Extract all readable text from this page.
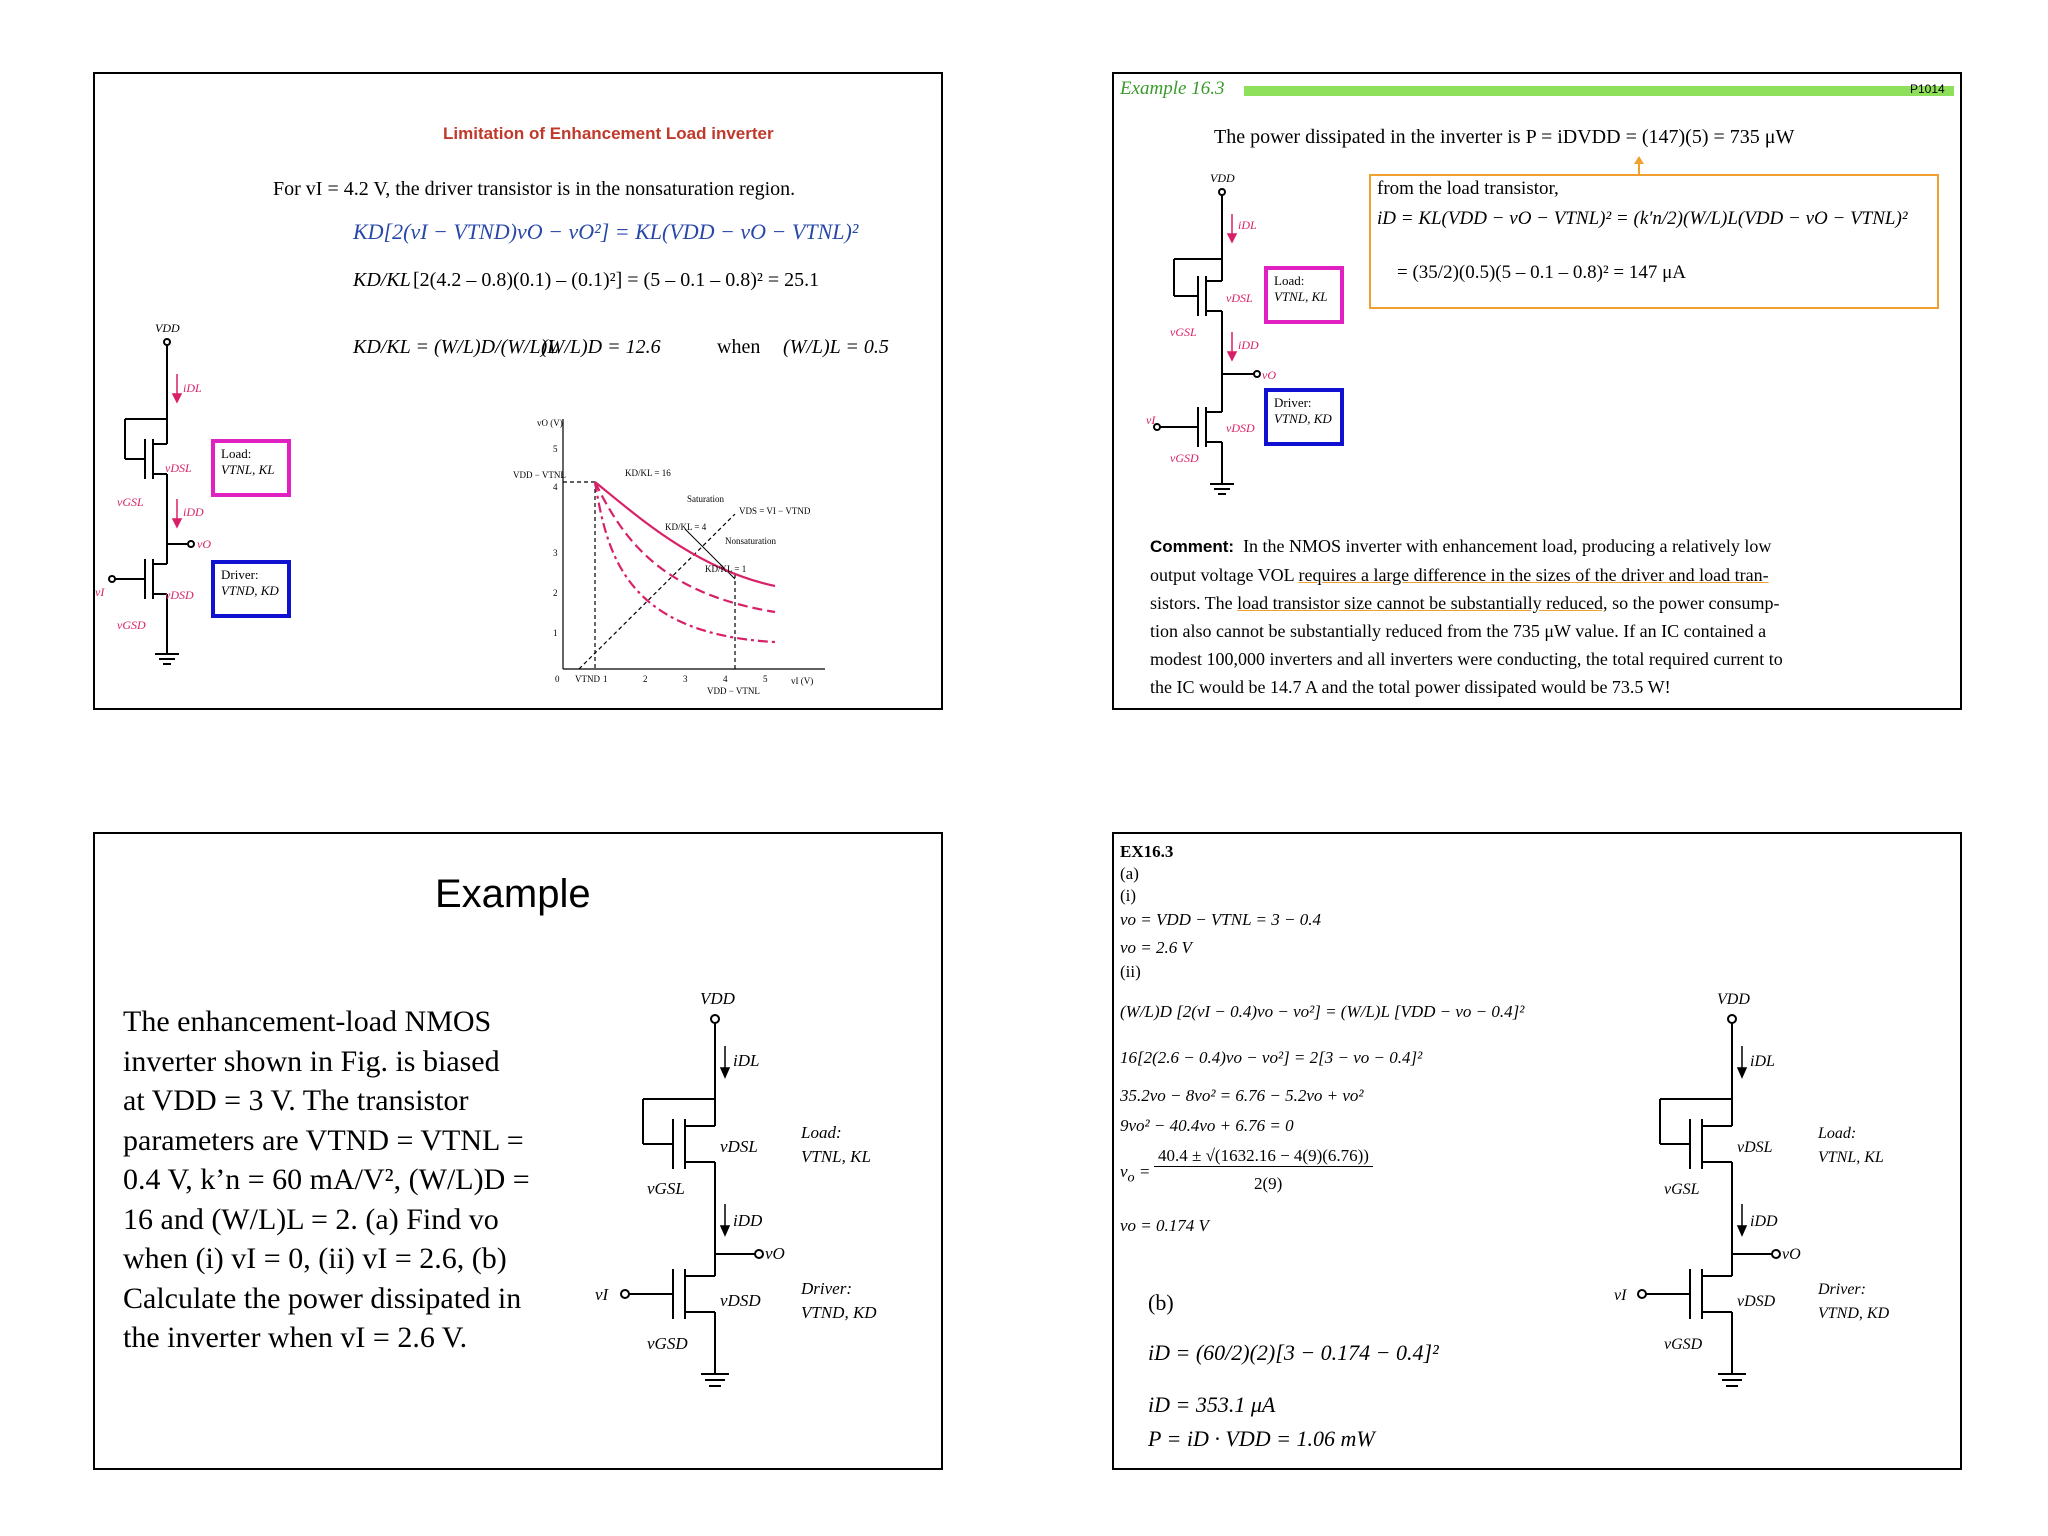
Limitation of Enhancement Load inverter
For vI = 4.2 V, the driver transistor is in the nonsaturation region.
KD[2(vI − VTND)vO − vO²] = KL(VDD − vO − VTNL)²
KD/KL [2(4.2 – 0.8)(0.1) – (0.1)²] = (5 – 0.1 – 0.8)² = 25.1
KD/KL = (W/L)D/(W/L)L
(W/L)D = 12.6	when (W/L)L = 0.5
VDD
iDL
vDSL
vGSL
iDD
vO
vI	vDSD
vGSD
Load:
VTNL, KL
Driver:
VTND, KD
vO (V)
1
2
3
4
5
VDD − VTNL
0 VTND 1	2	3	4	5	vI (V)
VDD − VTNL
KD/KL = 16
KD/KL = 4
KD/KL = 1
Saturation
Nonsaturation
VDS = VI − VTND
Example 16.3	P1014
The power dissipated in the inverter is P = iDVDD = (147)(5) = 735 μW
from the load transistor,
iD = KL(VDD − vO − VTNL)² = (k′n/2)(W/L)L(VDD − vO − VTNL)²
= (35/2)(0.5)(5 – 0.1 – 0.8)² = 147 μA
VDD
iDL
vDSL
vGSL
iDD
vO
vI
vDSD
vGSD
Load:
VTNL, KL
Driver:
VTND, KD
Comment: In the NMOS inverter with enhancement load, producing a relatively low
output voltage VOL requires a large difference in the sizes of the driver and load tran-
sistors. The load transistor size cannot be substantially reduced, so the power consump-
tion also cannot be substantially reduced from the 735 μW value. If an IC contained a
modest 100,000 inverters and all inverters were conducting, the total required current to
the IC would be 14.7 A and the total power dissipated would be 73.5 W!
Example
The enhancement-load NMOS
inverter shown in Fig. is biased
at VDD = 3 V. The transistor
parameters are VTND = VTNL =
0.4 V, k’n = 60 mA/V², (W/L)D =
16 and (W/L)L = 2. (a) Find vo
when (i) vI = 0, (ii) vI = 2.6, (b)
Calculate the power dissipated in
the inverter when vI = 2.6 V.
VDD
iDL
vDSL
vGSL
iDD
vO
vI	vDSD
vGSD
Load:
VTNL, KL
Driver:
VTND, KD
EX16.3
(a)
(i)
vo = VDD − VTNL = 3 − 0.4
vo = 2.6 V
(ii)
(W/L)D [2(vI − 0.4)vo − vo²] = (W/L)L [VDD − vo − 0.4]²
16[2(2.6 − 0.4)vo − vo²] = 2[3 − vo − 0.4]²
35.2vo − 8vo² = 6.76 − 5.2vo + vo²
9vo² − 40.4vo + 6.76 = 0
$v_o$ =
40.4 ± √(1632.16 − 4(9)(6.76))
2(9)
vo = 0.174 V
(b)
iD = (60/2)(2)[3 − 0.174 − 0.4]²
iD = 353.1 μA
P = iD · VDD = 1.06 mW
VDD
iDL
vDSL
vGSL
iDD
vO
vI	vDSD
vGSD
Load:
VTNL, KL
Driver:
VTND, KD
